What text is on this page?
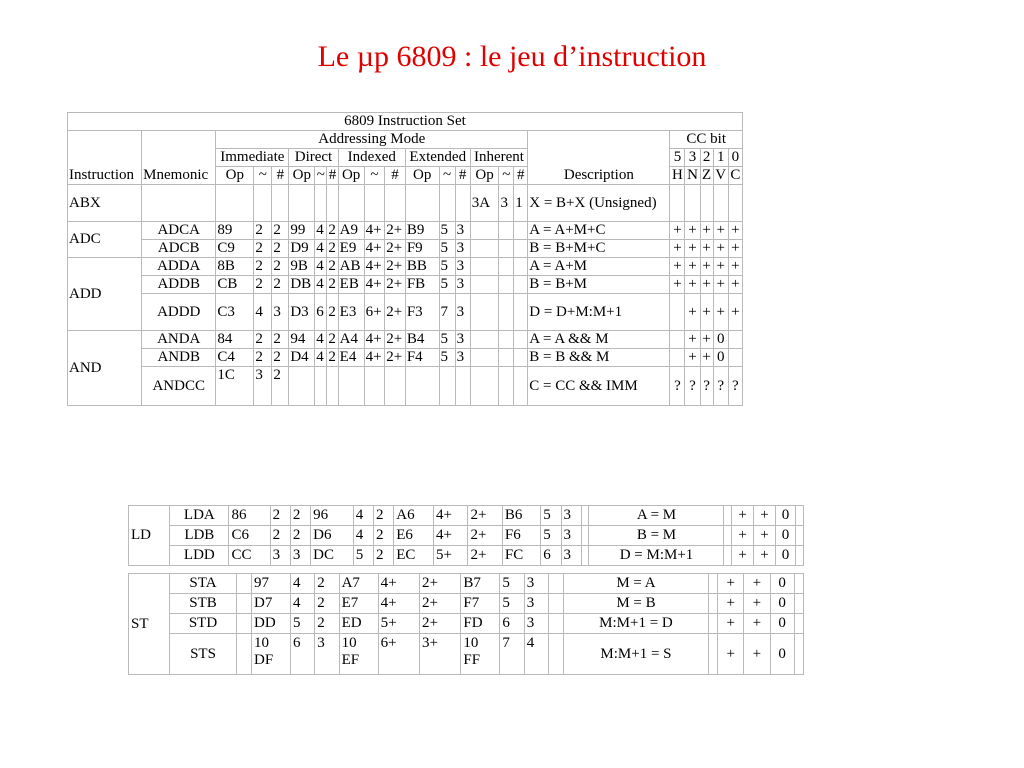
Le µp 6809 : le jeu d’instruction
6809 Instruction Set																						
Instruction	Mnemonic	Addressing Mode															Description	CC bit				
		Immediate			Direct			Indexed			Extended			Inherent				5	3	2	1	0
		Op	~	#	Op	~	#	Op	~	#	Op	~	#	Op	~	#		H	N	Z	V	C
ABX														3A	3	1	X = B+X (Unsigned)					
ADC	ADCA	89	2	2	99	4	2	A9	4+	2+	B9	5	3				A = A+M+C	+	+	+	+	+
	ADCB	C9	2	2	D9	4	2	E9	4+	2+	F9	5	3				B = B+M+C	+	+	+	+	+
ADD	ADDA	8B	2	2	9B	4	2	AB	4+	2+	BB	5	3				A = A+M	+	+	+	+	+
	ADDB	CB	2	2	DB	4	2	EB	4+	2+	FB	5	3				B = B+M	+	+	+	+	+
	ADDD	C3	4	3	D3	6	2	E3	6+	2+	F3	7	3				D = D+M:M+1		+	+	+	+
AND	ANDA	84	2	2	94	4	2	A4	4+	2+	B4	5	3				A = A && M		+	+	0	
	ANDB	C4	2	2	D4	4	2	E4	4+	2+	F4	5	3				B = B && M		+	+	0	
	ANDCC	1C	3	2													C = CC && IMM	?	?	?	?	?
LD	LDA	86	2	2	96	4	2	A6	4+	2+	B6	5	3		A = M		+	+	0	
	LDB	C6	2	2	D6	4	2	E6	4+	2+	F6	5	3		B = M		+	+	0	
	LDD	CC	3	3	DC	5	2	EC	5+	2+	FC	6	3		D = M:M+1		+	+	0	
ST	STA		97	4	2	A7	4+	2+	B7	5	3		M = A		+	+	0	
	STB		D7	4	2	E7	4+	2+	F7	5	3		M = B		+	+	0	
	STD		DD	5	2	ED	5+	2+	FD	6	3		M:M+1 = D		+	+	0	
	STS		10 DF	6	3	10 EF	6+	3+	10 FF	7	4		M:M+1 = S		+	+	0	
